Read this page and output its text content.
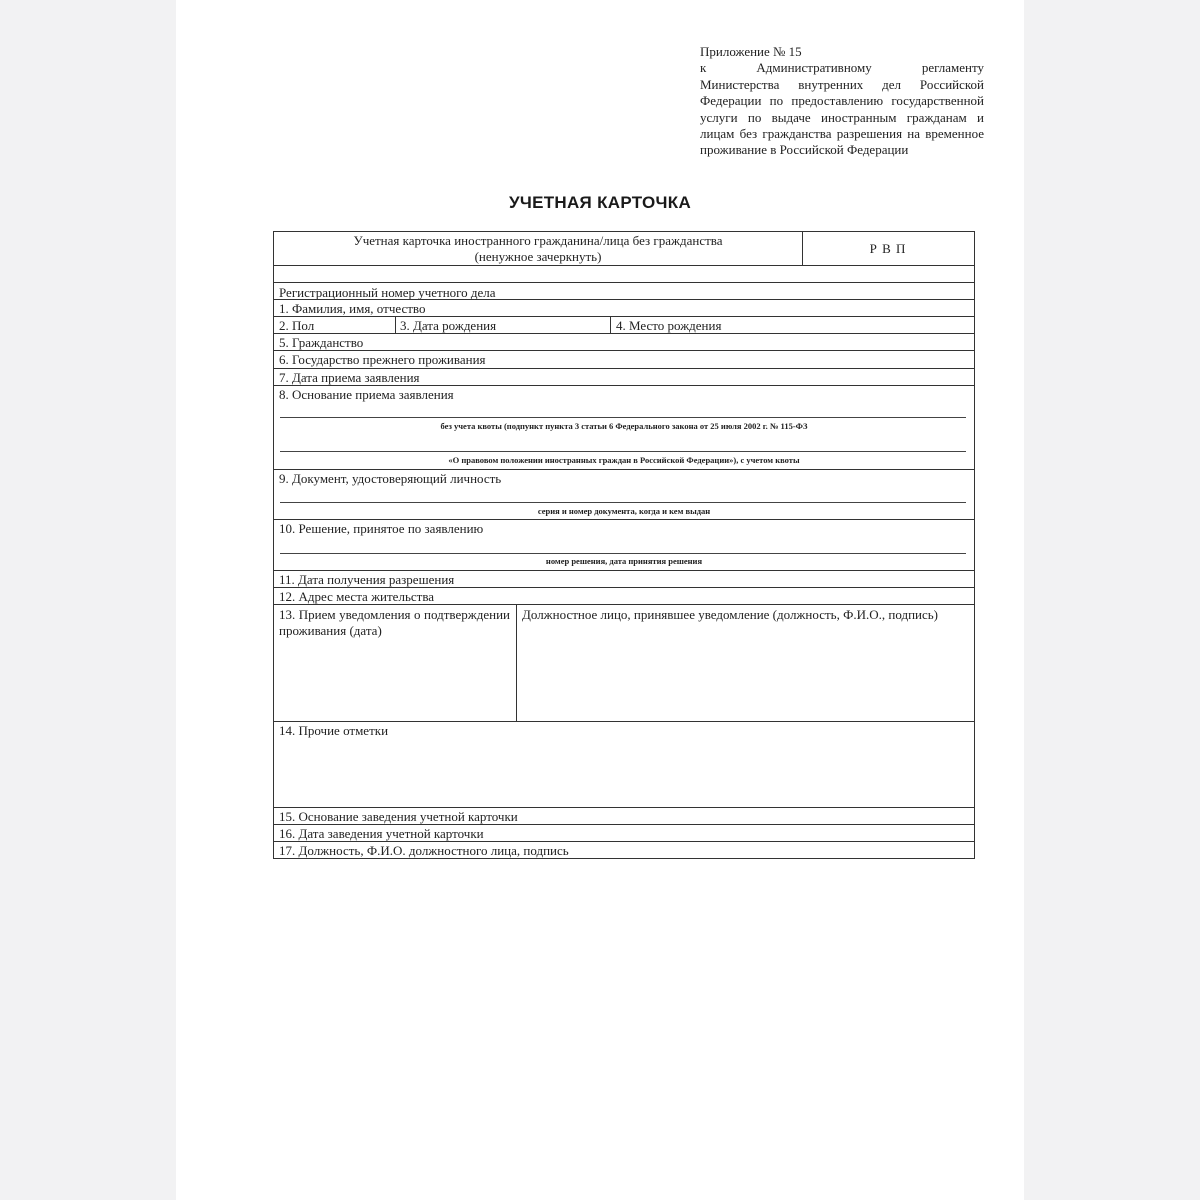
Приложение № 15
к Административному регламенту
Министерства внутренних дел Российской Федерации по предоставлению государственной услуги по выдаче иностранным гражданам и лицам без гражданства разрешения на временное проживание в Российской Федерации
УЧЕТНАЯ КАРТОЧКА
Учетная карточка иностранного гражданина/лица без гражданства
(ненужное зачеркнуть)
Р В П
Регистрационный номер учетного дела
1. Фамилия, имя, отчество
2. Пол	3. Дата рождения	4. Место рождения
5. Гражданство
6. Государство прежнего проживания
7. Дата приема заявления
8. Основание приема заявления
без учета квоты (подпункт пункта 3 статьи 6 Федерального закона от 25 июля 2002 г. № 115-ФЗ
«О правовом положении иностранных граждан в Российской Федерации»), с учетом квоты
9. Документ, удостоверяющий личность
серия и номер документа, когда и кем выдан
10. Решение, принятое по заявлению
номер решения, дата принятия решения
11. Дата получения разрешения
12. Адрес места жительства
13. Прием уведомления о подтверждении проживания (дата)
Должностное лицо, принявшее уведомление (должность, Ф.И.О., подпись)
14. Прочие отметки
15. Основание заведения учетной карточки
16. Дата заведения учетной карточки
17. Должность, Ф.И.О. должностного лица, подпись
